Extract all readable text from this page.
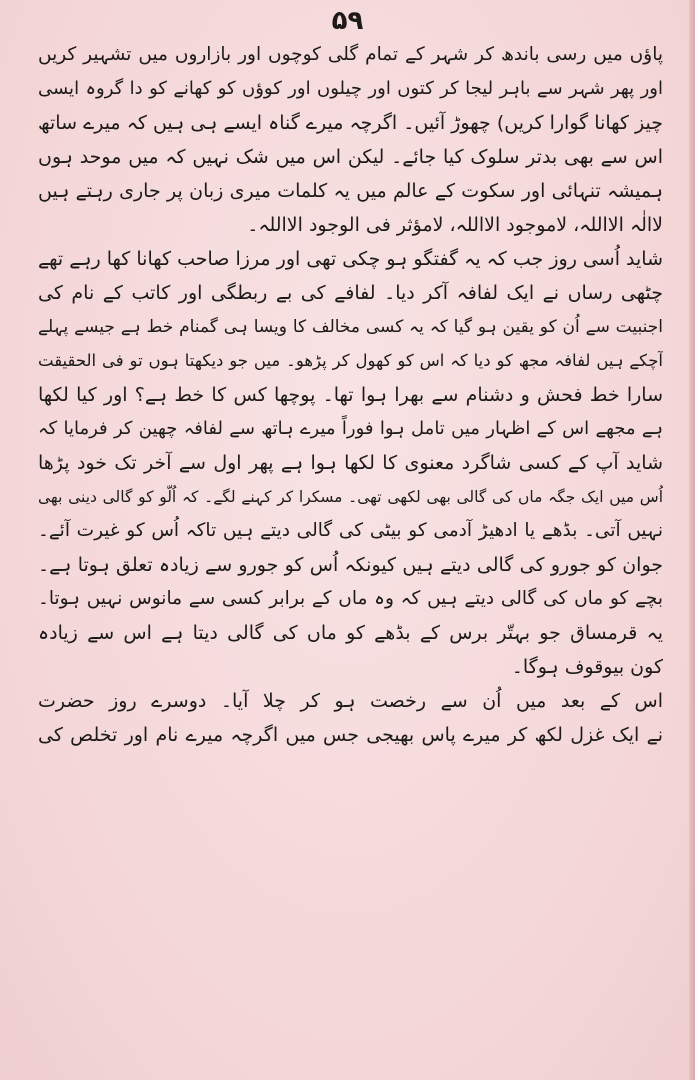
۵۹
پاؤں میں رسی باندھ کر شہر کے تمام گلی کوچوں اور بازاروں میں تشہیر کریں
اور پھر شہر سے باہر لیجا کر کتوں اور چیلوں اور کوؤں کو کھانے کو دا گروہ ایسی
چیز کھانا گوارا کریں) چھوڑ آئیں۔ اگرچہ میرے گناہ ایسے ہی ہیں کہ میرے ساتھ
اس سے بھی بدتر سلوک کیا جائے۔ لیکن اس میں شک نہیں کہ میں موحد ہوں
ہمیشہ تنہائی اور سکوت کے عالم میں یہ کلمات میری زبان پر جاری رہتے ہیں
لاالٰہ الااللہ، لاموجود الااللہ، لامؤثر فی الوجود الااللہ۔
شاید اُسی روز جب کہ یہ گفتگو ہو چکی تھی اور مرزا صاحب کھانا کھا رہے تھے
چٹھی رساں نے ایک لفافہ آکر دیا۔ لفافے کی بے ربطگی اور کاتب کے نام کی
اجنبیت سے اُن کو یقین ہو گیا کہ یہ کسی مخالف کا ویسا ہی گمنام خط ہے جیسے پہلے
آچکے ہیں لفافہ مجھ کو دیا کہ اس کو کھول کر پڑھو۔ میں جو دیکھتا ہوں تو فی الحقیقت
سارا خط فحش و دشنام سے بھرا ہوا تھا۔ پوچھا کس کا خط ہے؟ اور کیا لکھا
ہے مجھے اس کے اظہار میں تامل ہوا فوراً میرے ہاتھ سے لفافہ چھین کر فرمایا کہ
شاید آپ کے کسی شاگرد معنوی کا لکھا ہوا ہے پھر اول سے آخر تک خود پڑھا
اُس میں ایک جگہ ماں کی گالی بھی لکھی تھی۔ مسکرا کر کہنے لگے۔ کہ اُلّو کو گالی دینی بھی
نہیں آتی۔ بڈھے یا ادھیڑ آدمی کو بیٹی کی گالی دیتے ہیں تاکہ اُس کو غیرت آئے۔
جوان کو جورو کی گالی دیتے ہیں کیونکہ اُس کو جورو سے زیادہ تعلق ہوتا ہے۔
بچے کو ماں کی گالی دیتے ہیں کہ وہ ماں کے برابر کسی سے مانوس نہیں ہوتا۔
یہ قرمساق جو بہتّر برس کے بڈھے کو ماں کی گالی دیتا ہے اس سے زیادہ
کون بیوقوف ہوگا۔
اس کے بعد میں اُن سے رخصت ہو کر چلا آیا۔ دوسرے روز حضرت
نے ایک غزل لکھ کر میرے پاس بھیجی جس میں اگرچہ میرے نام اور تخلص کی
